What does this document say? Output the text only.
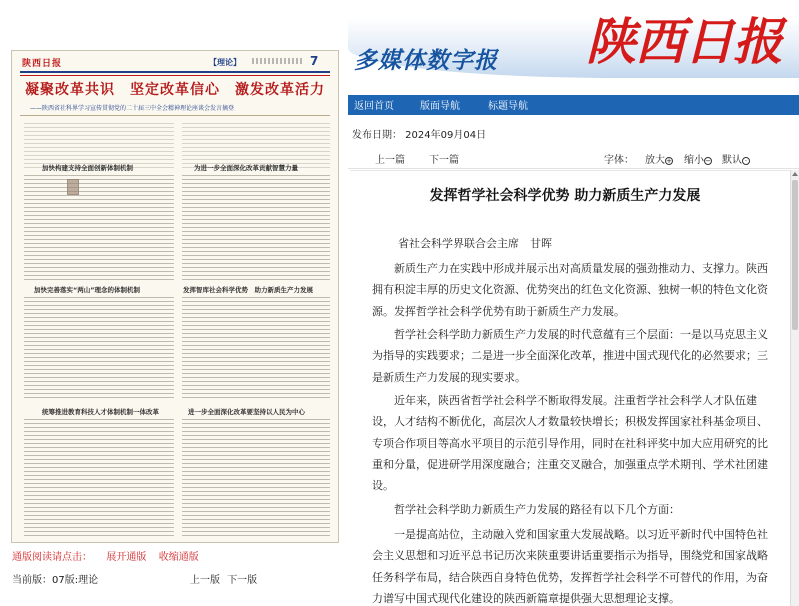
陕西日报	【理论】	7
凝聚改革共识　坚定改革信心　激发改革活力
——陕西省社科界学习宣传贯彻党的二十届三中全会精神理论座谈会发言摘登
加快构建支持全面创新体制机制	为进一步全面深化改革贡献智慧力量
加快完善落实“两山”理念的体制机制	发挥智库社会科学优势　助力新质生产力发展
统筹推进教育科技人才体制机制一体改革	进一步全面深化改革要坚持以人民为中心
通版阅读请点击： 展开通版 收缩通版
当前版：07版:理论	上一版 下一版
多媒体数字报 陕西日报
Shaanxi Daily
返回首页	版面导航	标题导航
发布日期： 2024年09月04日
上一篇 下一篇	字体： 放大+ 缩小− 默认 ·
发挥哲学社会科学优势 助力新质生产力发展
省社会科学界联合会主席　甘晖
新质生产力在实践中形成并展示出对高质量发展的强劲推动力、支撑力。陕西拥有积淀丰厚的历史文化资源、优势突出的红色文化资源、独树一帜的特色文化资源。发挥哲学社会科学优势有助于新质生产力发展。
哲学社会科学助力新质生产力发展的时代意蕴有三个层面：一是以马克思主义为指导的实践要求；二是进一步全面深化改革，推进中国式现代化的必然要求；三是新质生产力发展的现实要求。
近年来，陕西省哲学社会科学不断取得发展。注重哲学社会科学人才队伍建设，人才结构不断优化，高层次人才数量较快增长；积极发挥国家社科基金项目、专项合作项目等高水平项目的示范引导作用，同时在社科评奖中加大应用研究的比重和分量，促进研学用深度融合；注重交叉融合，加强重点学术期刊、学术社团建设。
哲学社会科学助力新质生产力发展的路径有以下几个方面：
一是提高站位，主动融入党和国家重大发展战略。以习近平新时代中国特色社会主义思想和习近平总书记历次来陕重要讲话重要指示为指导，围绕党和国家战略任务科学布局，结合陕西自身特色优势，发挥哲学社会科学不可替代的作用，为奋力谱写中国式现代化建设的陕西新篇章提供强大思想理论支撑。
